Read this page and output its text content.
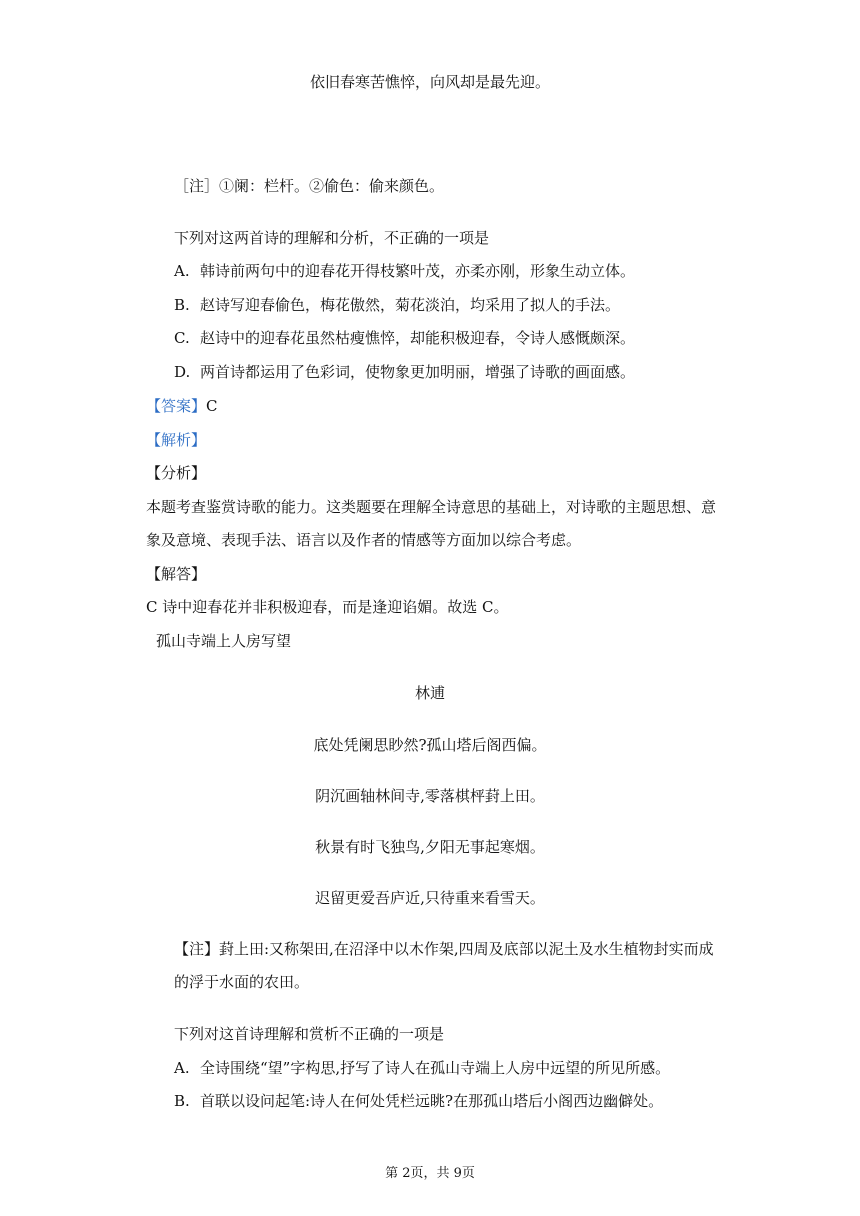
依旧春寒苦憔悴，向风却是最先迎。
［注］①阑：栏杆。②偷色：偷来颜色。
下列对这两首诗的理解和分析，不正确的一项是
A. 韩诗前两句中的迎春花开得枝繁叶茂，亦柔亦刚，形象生动立体。
B. 赵诗写迎春偷色，梅花傲然，菊花淡泊，均采用了拟人的手法。
C. 赵诗中的迎春花虽然枯瘦憔悴，却能积极迎春，令诗人感慨颇深。
D. 两首诗都运用了色彩词，使物象更加明丽，增强了诗歌的画面感。
【答案】C
【解析】
【分析】
本题考查鉴赏诗歌的能力。这类题要在理解全诗意思的基础上，对诗歌的主题思想、意
象及意境、表现手法、语言以及作者的情感等方面加以综合考虑。
【解答】
C 诗中迎春花并非积极迎春，而是逢迎谄媚。故选 C。
孤山寺端上人房写望
林逋
底处凭阑思眇然?孤山塔后阁西偏。
阴沉画轴林间寺,零落棋枰葑上田。
秋景有时飞独鸟,夕阳无事起寒烟。
迟留更爱吾庐近,只待重来看雪天。
【注】葑上田:又称架田,在沼泽中以木作架,四周及底部以泥土及水生植物封实而成
的浮于水面的农田。
下列对这首诗理解和赏析不正确的一项是
A. 全诗围绕“望”字构思,抒写了诗人在孤山寺端上人房中远望的所见所感。
B. 首联以设问起笔:诗人在何处凭栏远眺?在那孤山塔后小阁西边幽僻处。
第 2页，共 9页
